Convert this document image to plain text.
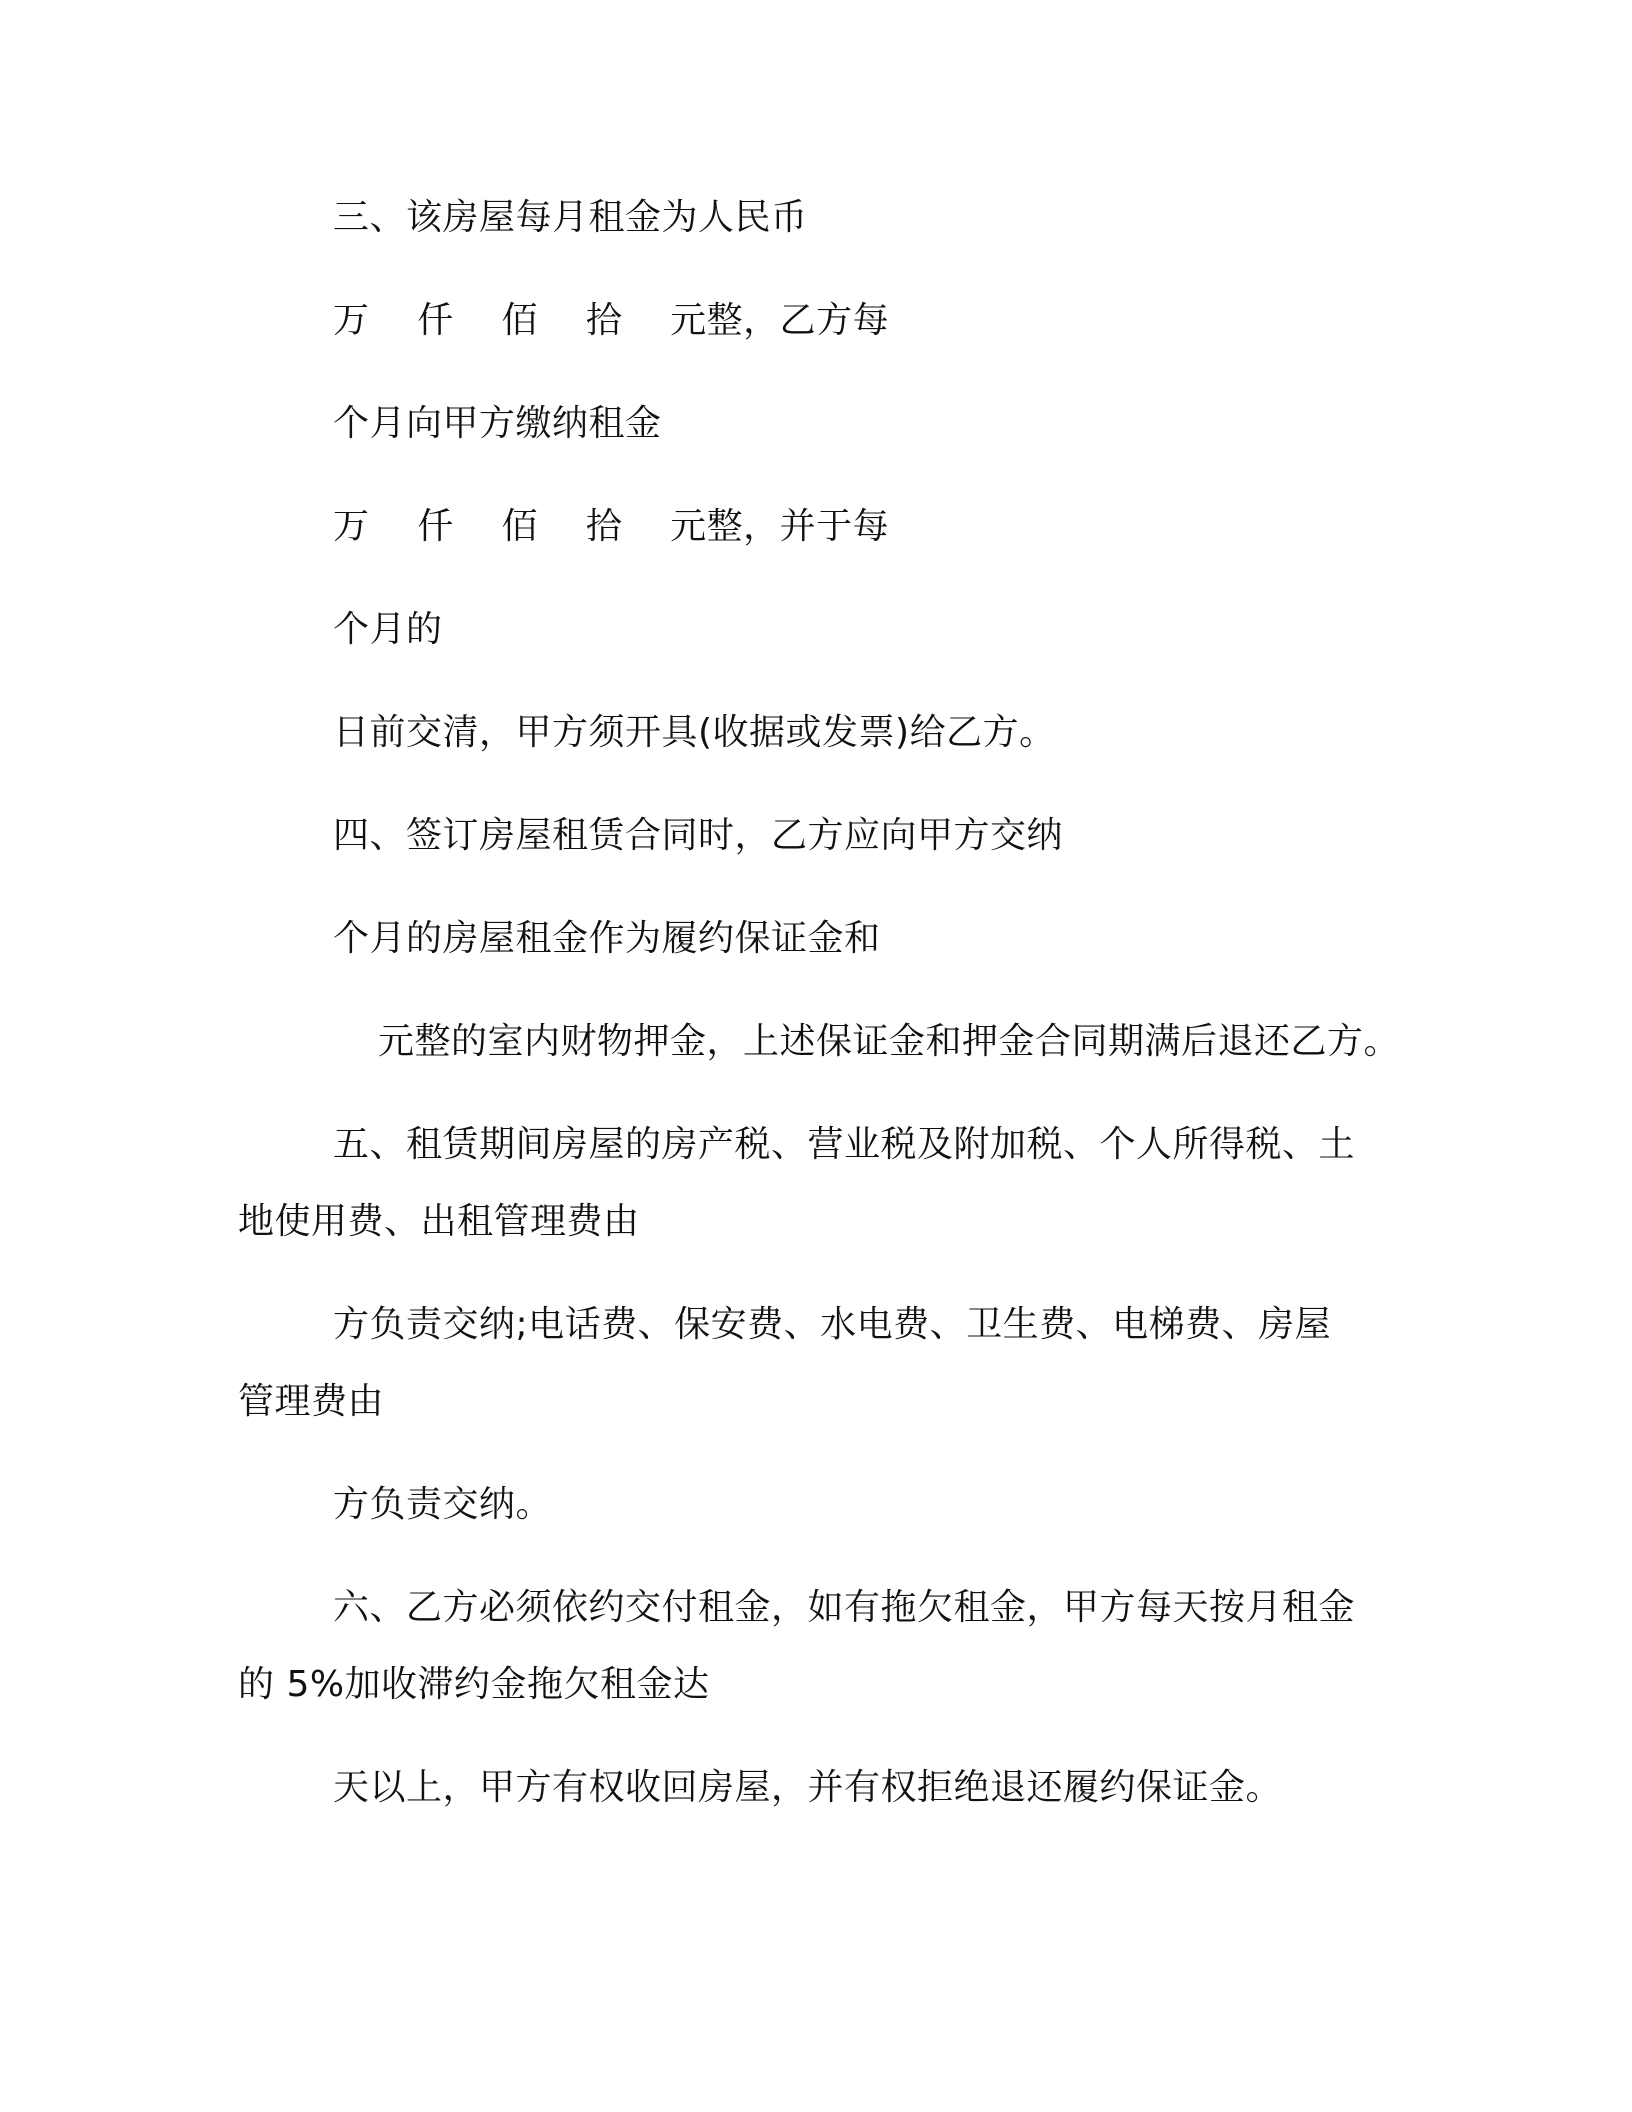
三、该房屋每月租金为人民币
万    仟    佰    拾    元整，乙方每
个月向甲方缴纳租金
万    仟    佰    拾    元整，并于每
个月的
日前交清，甲方须开具(收据或发票)给乙方。
四、签订房屋租赁合同时，乙方应向甲方交纳
个月的房屋租金作为履约保证金和
元整的室内财物押金，上述保证金和押金合同期满后退还乙方。
五、租赁期间房屋的房产税、营业税及附加税、个人所得税、土
地使用费、出租管理费由
方负责交纳;电话费、保安费、水电费、卫生费、电梯费、房屋
管理费由
方负责交纳。
六、乙方必须依约交付租金，如有拖欠租金，甲方每天按月租金
的 5%加收滞约金拖欠租金达
天以上，甲方有权收回房屋，并有权拒绝退还履约保证金。
